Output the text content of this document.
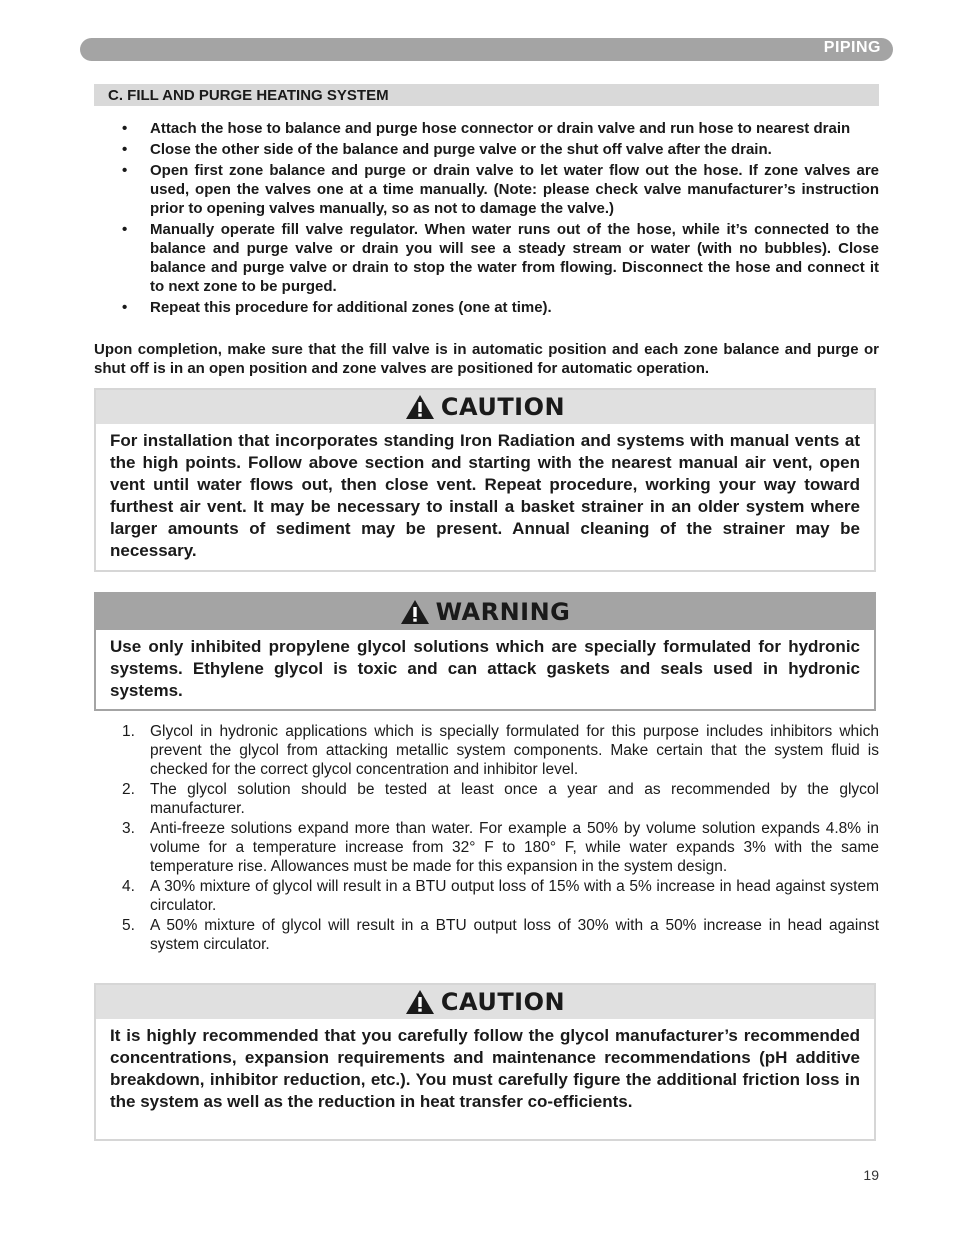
PIPING
C. FILL AND PURGE HEATING SYSTEM
• Attach the hose to balance and purge hose connector or drain valve and run hose to nearest drain
• Close the other side of the balance and purge valve or the shut off valve after the drain.
• Open first zone balance and purge or drain valve to let water flow out the hose. If zone valves are used, open the valves one at a time manually. (Note: please check valve manufacturer’s instruction prior to opening valves manually, so as not to damage the valve.)
• Manually operate fill valve regulator. When water runs out of the hose, while it’s connected to the balance and purge valve or drain you will see a steady stream or water (with no bubbles). Close balance and purge valve or drain to stop the water from flowing. Disconnect the hose and connect it to next zone to be purged.
• Repeat this procedure for additional zones (one at time).

Upon completion, make sure that the fill valve is in automatic position and each zone balance and purge or shut off is in an open position and zone valves are positioned for automatic operation.

CAUTION
For installation that incorporates standing Iron Radiation and systems with manual vents at the high points. Follow above section and starting with the nearest manual air vent, open vent until water flows out, then close vent. Repeat procedure, working your way toward furthest air vent. It may be necessary to install a basket strainer in an older system where larger amounts of sediment may be present. Annual cleaning of the strainer may be necessary.
WARNING
Use only inhibited propylene glycol solutions which are specially formulated for hydronic systems. Ethylene glycol is toxic and can attack gaskets and seals used in hydronic systems.
1. Glycol in hydronic applications which is specially formulated for this purpose includes inhibitors which prevent the glycol from attacking metallic system components. Make certain that the system fluid is checked for the correct glycol concentration and inhibitor level.
2. The glycol solution should be tested at least once a year and as recommended by the glycol manufacturer.
3. Anti-freeze solutions expand more than water. For example a 50% by volume solution expands 4.8% in volume for a temperature increase from 32° F to 180° F, while water expands 3% with the same temperature rise. Allowances must be made for this expansion in the system design.
4. A 30% mixture of glycol will result in a BTU output loss of 15% with a 5% increase in head against system circulator.
5. A 50% mixture of glycol will result in a BTU output loss of 30% with a 50% increase in head against system circulator.
CAUTION
It is highly recommended that you carefully follow the glycol manufacturer’s recommended concentrations, expansion requirements and maintenance recommendations (pH additive breakdown, inhibitor reduction, etc.). You must carefully figure the additional friction loss in the system as well as the reduction in heat transfer co-efficients.
19
